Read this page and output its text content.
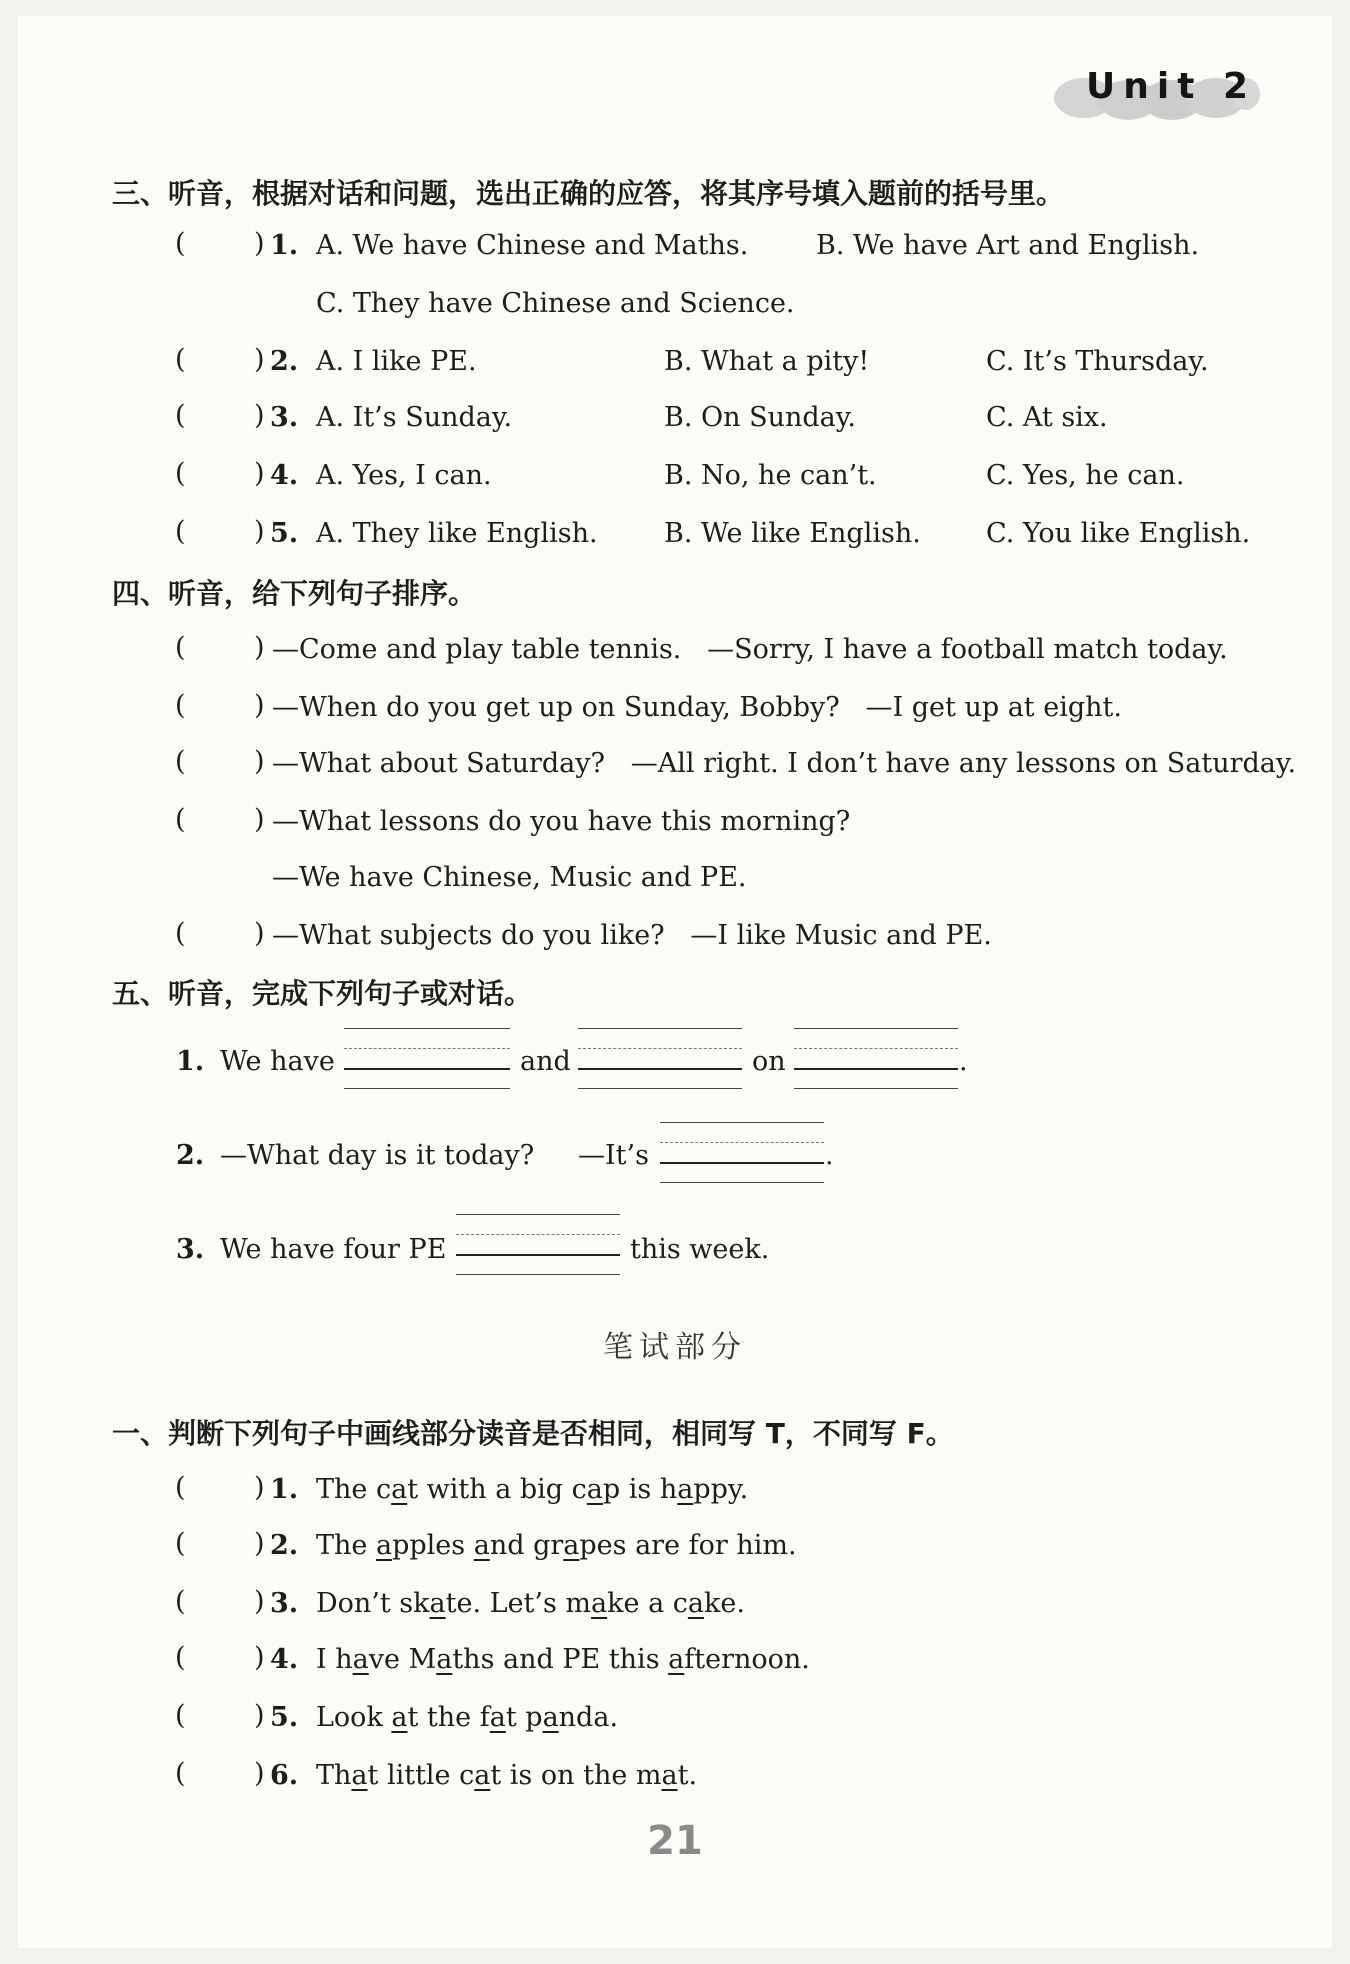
Unit 2
三、听音，根据对话和问题，选出正确的应答，将其序号填入题前的括号里。
(	) 1. A. We have Chinese and Maths.	B. We have Art and English.
C. They have Chinese and Science.
(	) 2. A. I like PE.	B. What a pity!	C. It’s Thursday.
(	) 3. A. It’s Sunday.	B. On Sunday.	C. At six.
(	) 4. A. Yes, I can.	B. No, he can’t.	C. Yes, he can.
(	) 5. A. They like English. B. We like English. C. You like English.
四、听音，给下列句子排序。
(	) —Come and play table tennis.   —Sorry, I have a football match today.
(	) —When do you get up on Sunday, Bobby?   —I get up at eight.
(	) —What about Saturday?   —All right. I don’t have any lessons on Saturday.
(	) —What lessons do you have this morning?
—We have Chinese, Music and PE.
(	) —What subjects do you like?   —I like Music and PE.
五、听音，完成下列句子或对话。
1. We have	and	on	.
2. —What day is it today? —It’s	.
3. We have four PE	this week.
笔试部分
一、判断下列句子中画线部分读音是否相同，相同写 T，不同写 F。
(	) 1. The cat with a big cap is happy.
(	) 2. The apples and grapes are for him.
(	) 3. Don’t skate. Let’s make a cake.
(	) 4. I have Maths and PE this afternoon.
(	) 5. Look at the fat panda.
(	) 6. That little cat is on the mat.
21
